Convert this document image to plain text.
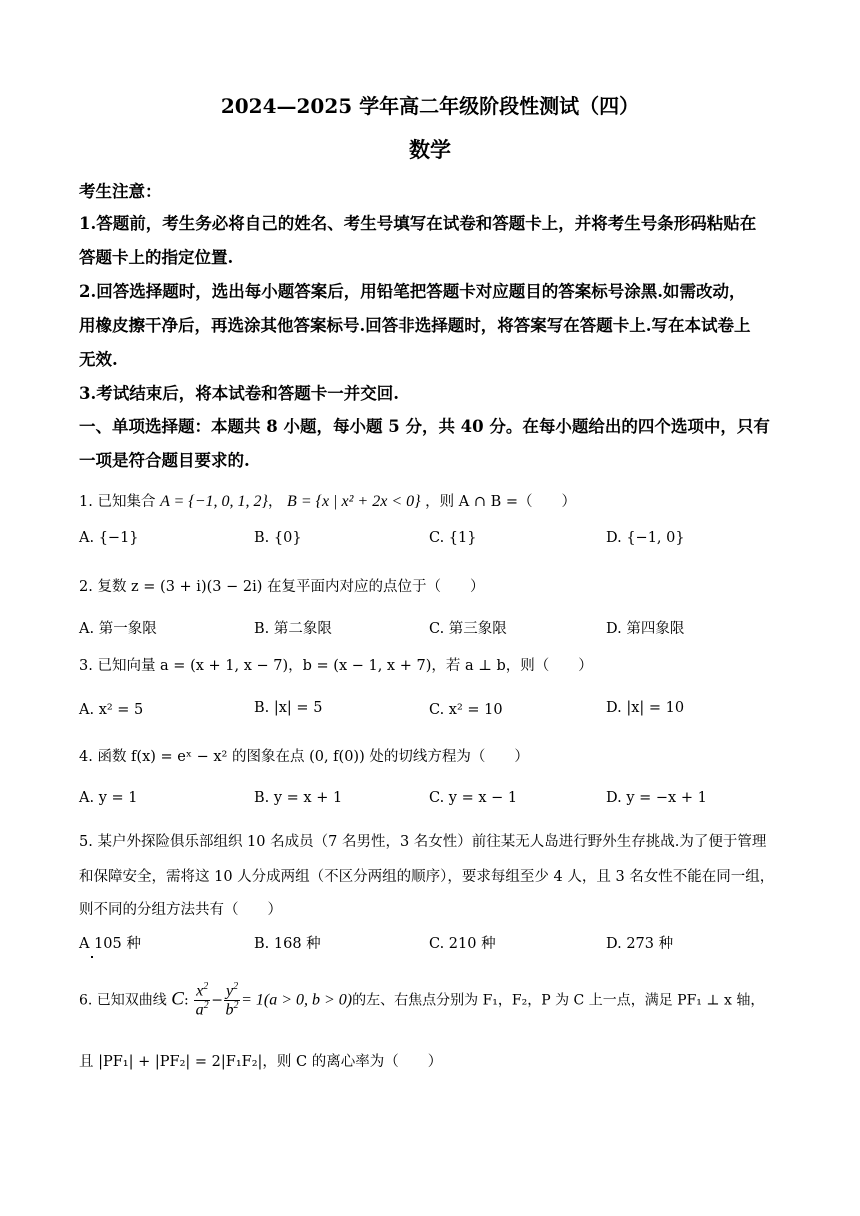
2024—2025 学年高二年级阶段性测试（四）
数学
考生注意：
1.答题前，考生务必将自己的姓名、考生号填写在试卷和答题卡上，并将考生号条形码粘贴在
答题卡上的指定位置.
2.回答选择题时，选出每小题答案后，用铅笔把答题卡对应题目的答案标号涂黑.如需改动，
用橡皮擦干净后，再选涂其他答案标号.回答非选择题时，将答案写在答题卡上.写在本试卷上
无效.
3.考试结束后，将本试卷和答题卡一并交回.
一、单项选择题：本题共 8 小题，每小题 5 分，共 40 分。在每小题给出的四个选项中，只有
一项是符合题目要求的.
1. 已知集合 A = {−1, 0, 1, 2}， B = {x | x² + 2x < 0} ，则 A ∩ B =（　　）
A. {−1}	B. {0}	C. {1}	D. {−1, 0}
2. 复数 z = (3 + i)(3 − 2i) 在复平面内对应的点位于（　　）
A. 第一象限	B. 第二象限	C. 第三象限	D. 第四象限
3. 已知向量 a = (x + 1, x − 7)，b = (x − 1, x + 7)，若 a ⊥ b，则（　　）
A. x² = 5	B. |x| = 5	C. x² = 10	D. |x| = 10
4. 函数 f(x) = eˣ − x² 的图象在点 (0, f(0)) 处的切线方程为（　　）
A. y = 1	B. y = x + 1	C. y = x − 1	D. y = −x + 1
5. 某户外探险俱乐部组织 10 名成员（7 名男性，3 名女性）前往某无人岛进行野外生存挑战.为了便于管理
和保障安全，需将这 10 人分成两组（不区分两组的顺序），要求每组至少 4 人，且 3 名女性不能在同一组，
则不同的分组方法共有（　　）
A 105 种	B. 168 种	C. 210 种	D. 273 种
6. 已知双曲线 C: $\frac{x^2}{a^2} - \frac{y^2}{b^2} = 1(a > 0$, b > 0)的左、右焦点分别为 F₁，F₂，P 为 C 上一点，满足 PF₁ ⊥ x 轴，
且 |PF₁| + |PF₂| = 2|F₁F₂|，则 C 的离心率为（　　）
